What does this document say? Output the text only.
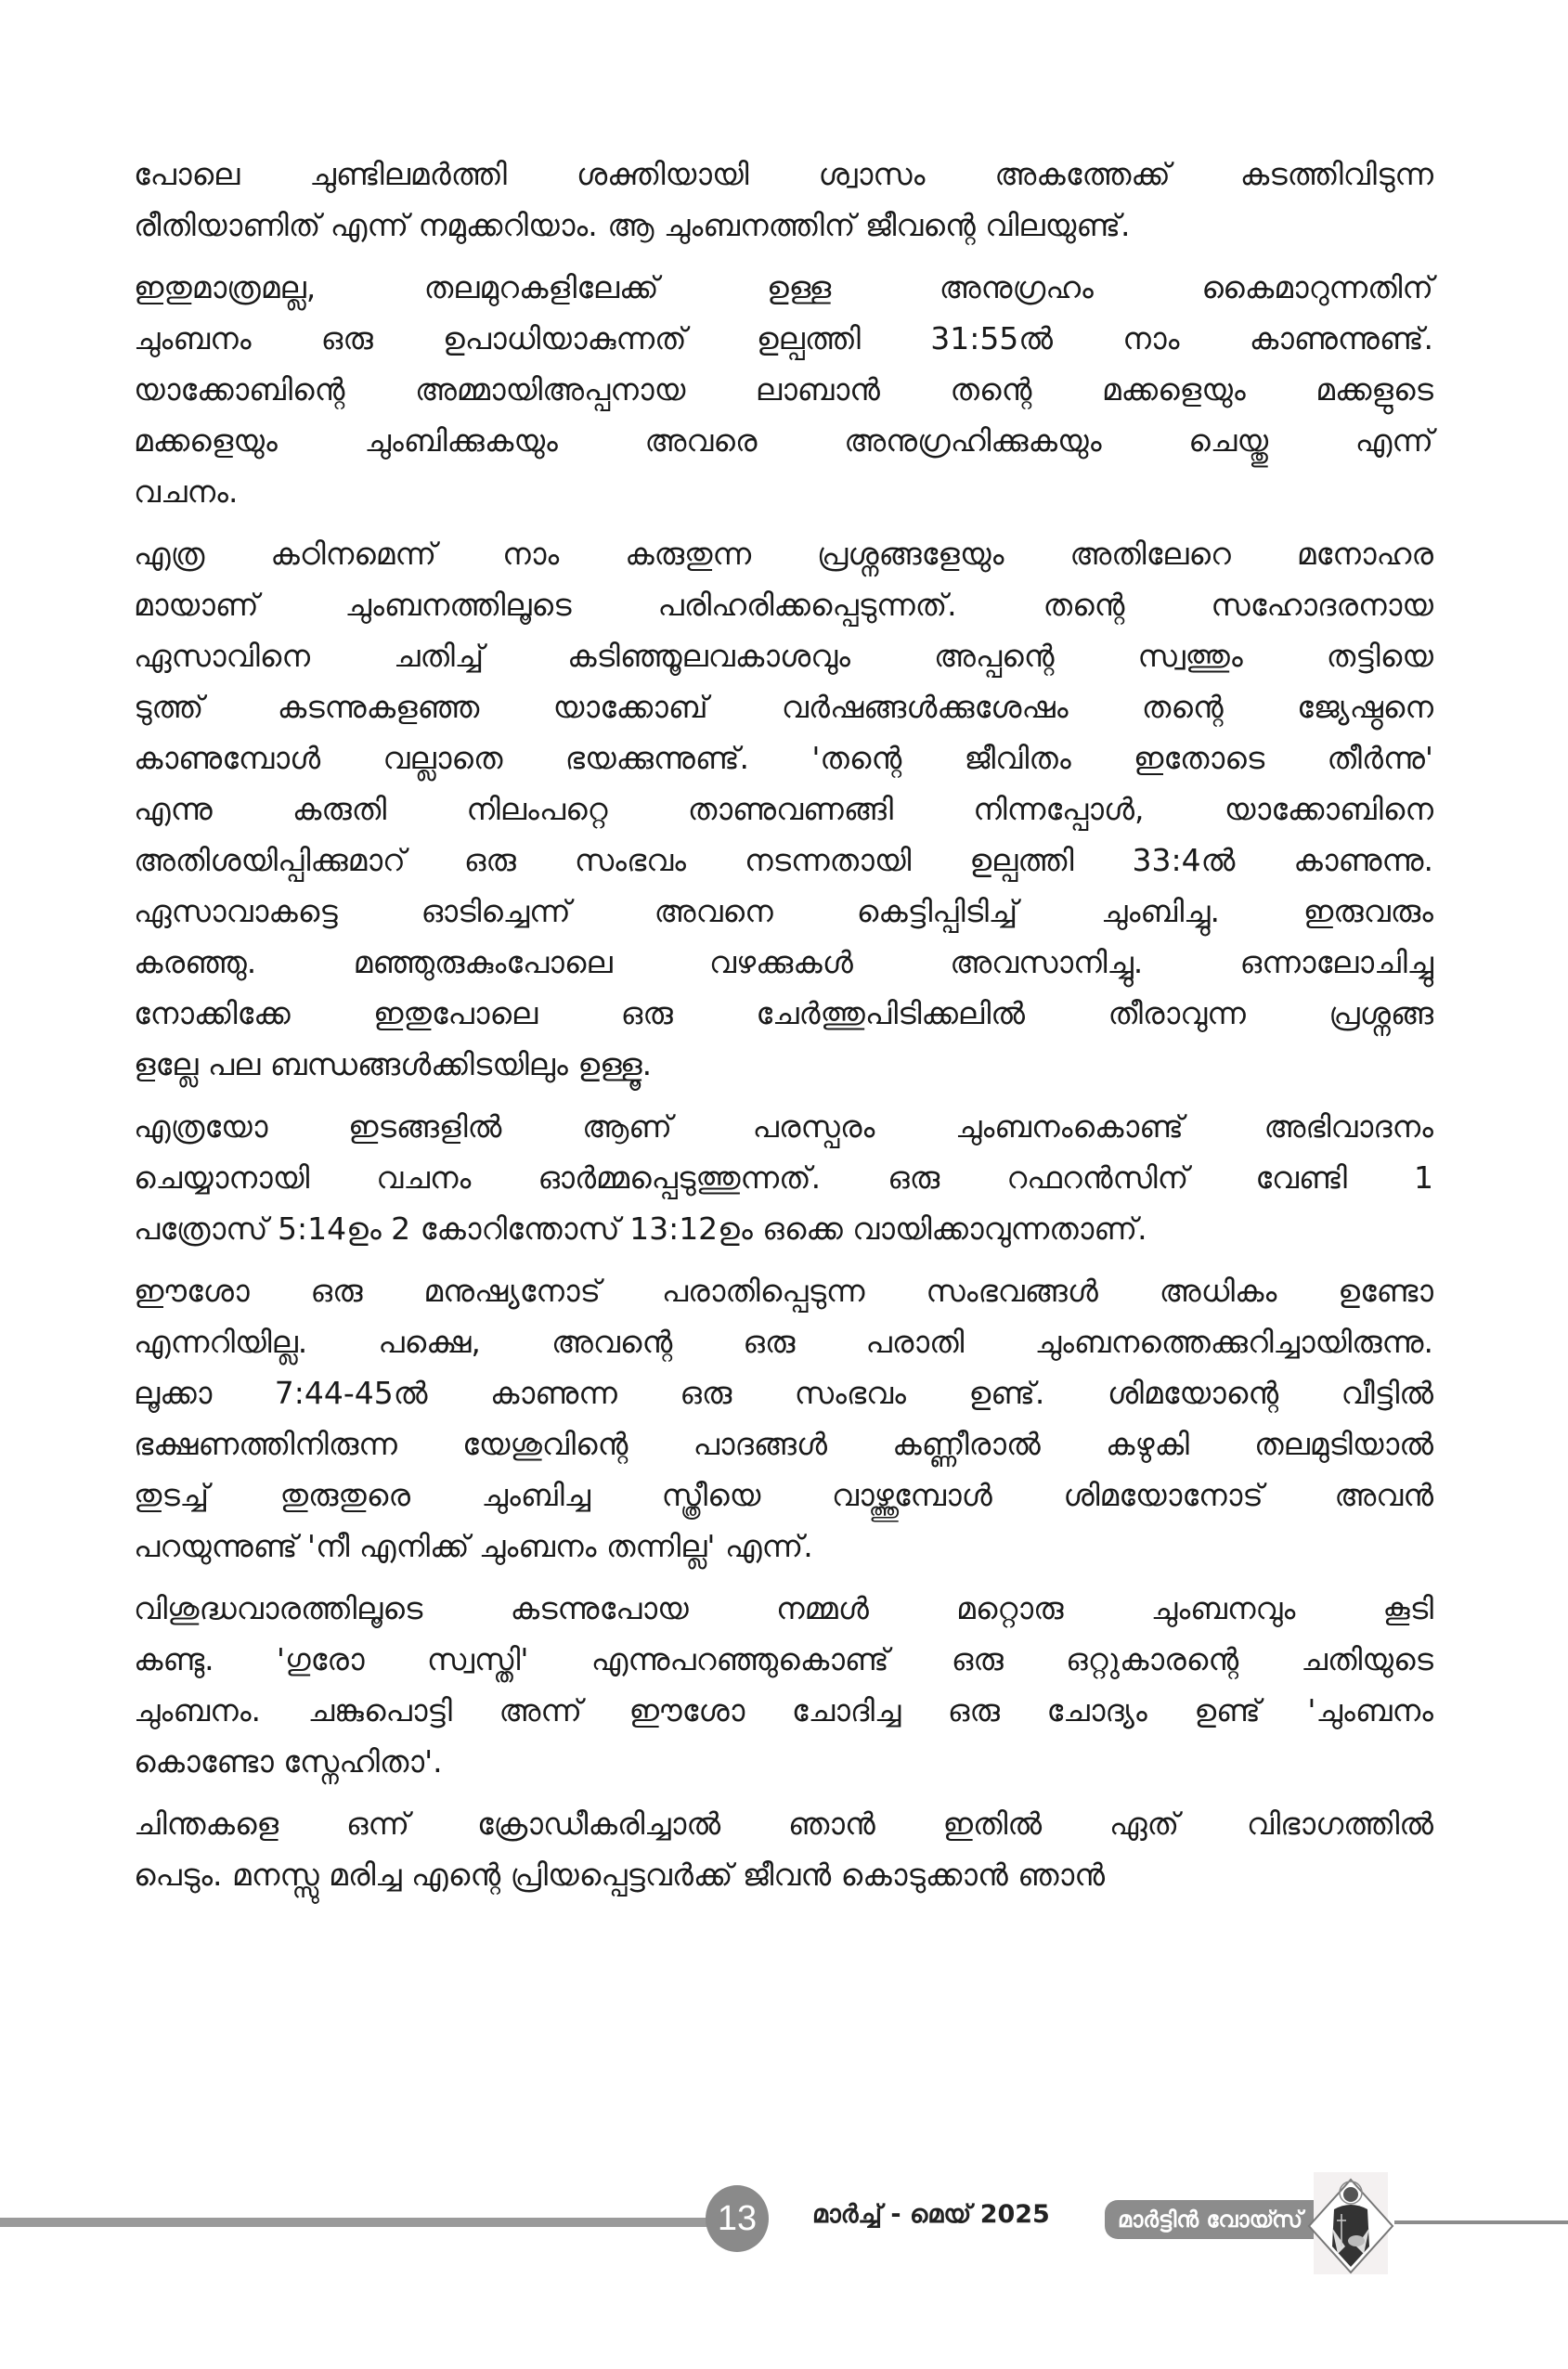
പോലെ ചുണ്ടിലമർത്തി ശക്തിയായി ശ്വാസം അകത്തേക്ക് കടത്തിവിടുന്ന
രീതിയാണിത് എന്ന് നമുക്കറിയാം. ആ ചുംബനത്തിന് ജീവന്റെ വിലയുണ്ട്.

ഇതുമാത്രമല്ല, തലമുറകളിലേക്ക് ഉള്ള അനുഗ്രഹം കൈമാറുന്നതിന്
ചുംബനം ഒരു ഉപാധിയാകുന്നത് ഉല്പത്തി 31:55ൽ നാം കാണുന്നുണ്ട്.
യാക്കോബിന്റെ അമ്മായിഅപ്പനായ ലാബാൻ തന്റെ മക്കളെയും മക്കളുടെ
മക്കളെയും ചുംബിക്കുകയും അവരെ അനുഗ്രഹിക്കുകയും ചെയ്തു എന്ന്
വചനം.

എത്ര കഠിനമെന്ന് നാം കരുതുന്ന പ്രശ്നങ്ങളേയും അതിലേറെ മനോഹര
മായാണ് ചുംബനത്തിലൂടെ പരിഹരിക്കപ്പെടുന്നത്. തന്റെ സഹോദരനായ
ഏസാവിനെ ചതിച്ച് കടിഞ്ഞൂലവകാശവും അപ്പന്റെ സ്വത്തും തട്ടിയെ
ടുത്ത് കടന്നുകളഞ്ഞ യാക്കോബ് വർഷങ്ങൾക്കുശേഷം തന്റെ ജ്യേഷ്ഠനെ
കാണുമ്പോൾ വല്ലാതെ ഭയക്കുന്നുണ്ട്. 'തന്റെ ജീവിതം ഇതോടെ തീർന്നു'
എന്നു കരുതി നിലംപറ്റെ താണുവണങ്ങി നിന്നപ്പോൾ, യാക്കോബിനെ
അതിശയിപ്പിക്കുമാറ് ഒരു സംഭവം നടന്നതായി ഉല്പത്തി 33:4ൽ കാണുന്നു.
ഏസാവാകട്ടെ ഓടിച്ചെന്ന് അവനെ കെട്ടിപ്പിടിച്ച് ചുംബിച്ചു. ഇരുവരും
കരഞ്ഞു. മഞ്ഞുരുകുംപോലെ വഴക്കുകൾ അവസാനിച്ചു. ഒന്നാലോചിച്ചു
നോക്കിക്കേ ഇതുപോലെ ഒരു ചേർത്തുപിടിക്കലിൽ തീരാവുന്ന പ്രശ്നങ്ങ
ളല്ലേ പല ബന്ധങ്ങൾക്കിടയിലും ഉള്ളൂ.

എത്രയോ ഇടങ്ങളിൽ ആണ് പരസ്പരം ചുംബനംകൊണ്ട് അഭിവാദനം
ചെയ്യാനായി വചനം ഓർമ്മപ്പെടുത്തുന്നത്. ഒരു റഫറൻസിന് വേണ്ടി 1
പത്രോസ് 5:14ഉം 2 കോറിന്തോസ് 13:12ഉം ഒക്കെ വായിക്കാവുന്നതാണ്.

ഈശോ ഒരു മനുഷ്യനോട് പരാതിപ്പെടുന്ന സംഭവങ്ങൾ അധികം ഉണ്ടോ
എന്നറിയില്ല. പക്ഷെ, അവന്റെ ഒരു പരാതി ചുംബനത്തെക്കുറിച്ചായിരുന്നു.
ലൂക്കാ 7:44-45ൽ കാണുന്ന ഒരു സംഭവം ഉണ്ട്. ശിമയോന്റെ വീട്ടിൽ
ഭക്ഷണത്തിനിരുന്ന യേശുവിന്റെ പാദങ്ങൾ കണ്ണീരാൽ കഴുകി തലമുടിയാൽ
തുടച്ച് തുരുതുരെ ചുംബിച്ച സ്ത്രീയെ വാഴ്ത്തുമ്പോൾ ശിമയോനോട് അവൻ
പറയുന്നുണ്ട് 'നീ എനിക്ക് ചുംബനം തന്നില്ല' എന്ന്.

വിശുദ്ധവാരത്തിലൂടെ കടന്നുപോയ നമ്മൾ മറ്റൊരു ചുംബനവും കൂടി
കണ്ടു. 'ഗുരോ സ്വസ്തി' എന്നുപറഞ്ഞുകൊണ്ട് ഒരു ഒറ്റുകാരന്റെ ചതിയുടെ
ചുംബനം. ചങ്കുപൊട്ടി അന്ന് ഈശോ ചോദിച്ച ഒരു ചോദ്യം ഉണ്ട് 'ചുംബനം
കൊണ്ടോ സ്നേഹിതാ'.

ചിന്തകളെ ഒന്ന് ക്രോഡീകരിച്ചാൽ ഞാൻ ഇതിൽ ഏത് വിഭാഗത്തിൽ
പെടും. മനസ്സു മരിച്ച എന്റെ പ്രിയപ്പെട്ടവർക്ക് ജീവൻ കൊടുക്കാൻ ഞാൻ

13 മാർച്ച് - മെയ് 2025	മാർട്ടിൻ വോയ്സ്
